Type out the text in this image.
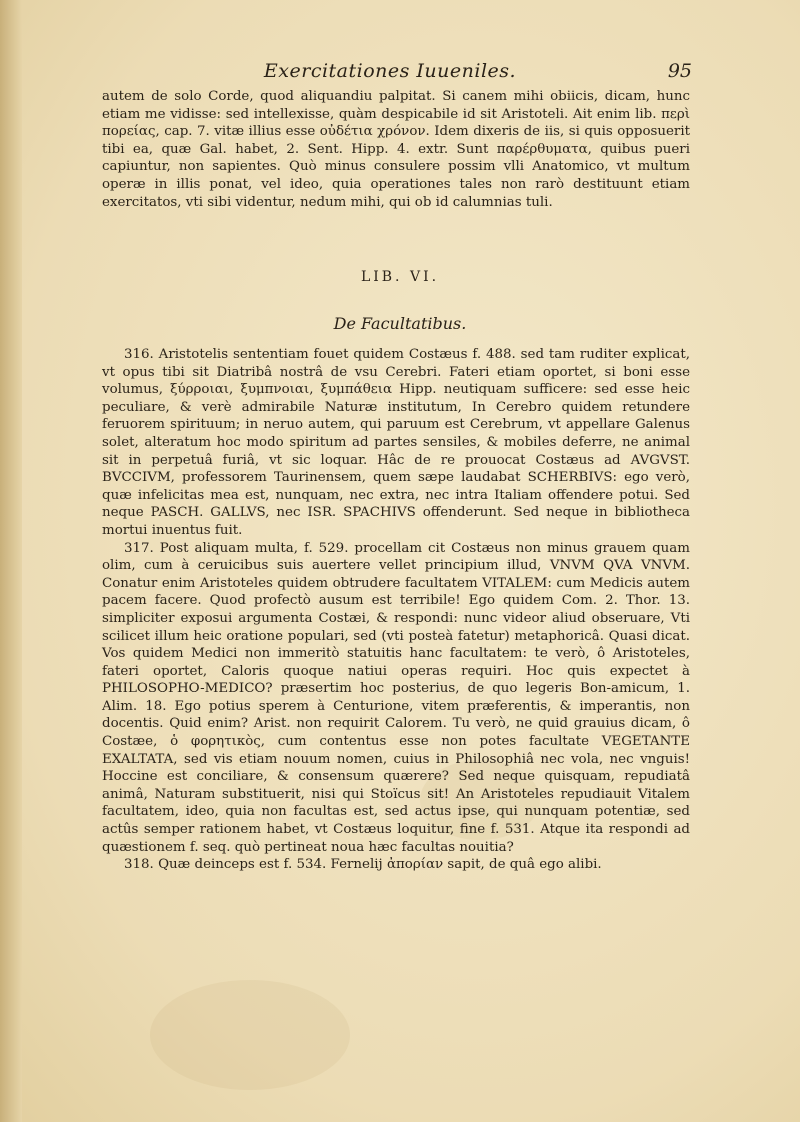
Exercitationes Iuueniles.	95
autem de solo Corde, quod aliquandiu palpitat. Si canem mihi obiicis, dicam, hunc etiam me vidisse: sed intellexisse, quàm despicabile id sit Aristoteli. Ait enim lib. περὶ πορείας, cap. 7. vitæ illius esse οὐδέτια χρόνον. Idem dixeris de iis, si quis opposuerit tibi ea, quæ Gal. habet, 2. Sent. Hipp. 4. extr. Sunt παρέρθυματα, quibus pueri capiuntur, non sapientes. Quò minus consulere possim vlli Anatomico, vt multum operæ in illis ponat, vel ideo, quia operationes tales non rarò destituunt etiam exercitatos, vti sibi videntur, nedum mihi, qui ob id calumnias tuli.
LIB. VI.
De Facultatibus.

316. Aristotelis sententiam fouet quidem Costæus f. 488. sed tam ruditer explicat, vt opus tibi sit Diatribâ nostrâ de vsu Cerebri. Fateri etiam oportet, si boni esse volumus, ξύρροιαι, ξυμπνοιαι, ξυμπάθεια Hipp. neutiquam sufficere: sed esse heic peculiare, & verè admirabile Naturæ institutum, In Cerebro quidem retundere feruorem spirituum; in neruo autem, qui paruum est Cerebrum, vt appellare Galenus solet, alteratum hoc modo spiritum ad partes sensiles, & mobiles deferre, ne animal sit in perpetuâ furiâ, vt sic loquar. Hâc de re prouocat Costæus ad AVGVST. BVCCIVM, professorem Taurinensem, quem sæpe laudabat SCHERBIVS: ego verò, quæ infelicitas mea est, nunquam, nec extra, nec intra Italiam offendere potui. Sed neque PASCH. GALLVS, nec ISR. SPACHIVS offenderunt. Sed neque in bibliotheca mortui inuentus fuit.

317. Post aliquam multa, f. 529. procellam cit Costæus non minus grauem quam olim, cum à ceruicibus suis auertere vellet principium illud, VNVM QVA VNVM. Conatur enim Aristoteles quidem obtrudere facultatem VITALEM: cum Medicis autem pacem facere. Quod profectò ausum est terribile! Ego quidem Com. 2. Thor. 13. simpliciter exposui argumenta Costæi, & respondi: nunc videor aliud obseruare, Vti scilicet illum heic oratione populari, sed (vti posteà fatetur) metaphoricâ. Quasi dicat. Vos quidem Medici non immeritò statuitis hanc facultatem: te verò, ô Aristoteles, fateri oportet, Caloris quoque natiui operas requiri. Hoc quis expectet à PHILOSOPHO-MEDICO? præsertim hoc posterius, de quo legeris Bon-amicum, 1. Alim. 18. Ego potius sperem à Centurione, vitem præferentis, & imperantis, non docentis. Quid enim? Arist. non requirit Calorem. Tu verò, ne quid grauius dicam, ô Costæe, ὁ φορητικὸς, cum contentus esse non potes facultate VEGETANTE EXALTATA, sed vis etiam nouum nomen, cuius in Philosophiâ nec vola, nec vnguis! Hoccine est conciliare, & consensum quærere? Sed neque quisquam, repudiatâ animâ, Naturam substituerit, nisi qui Stoïcus sit! An Aristoteles repudiauit Vitalem facultatem, ideo, quia non facultas est, sed actus ipse, qui nunquam potentiæ, sed actûs semper rationem habet, vt Costæus loquitur, fine f. 531. Atque ita respondi ad quæstionem f. seq. quò pertineat noua hæc facultas nouitia?

318. Quæ deinceps est f. 534. Fernelij ἀπορίαν sapit, de quâ ego alibi.
